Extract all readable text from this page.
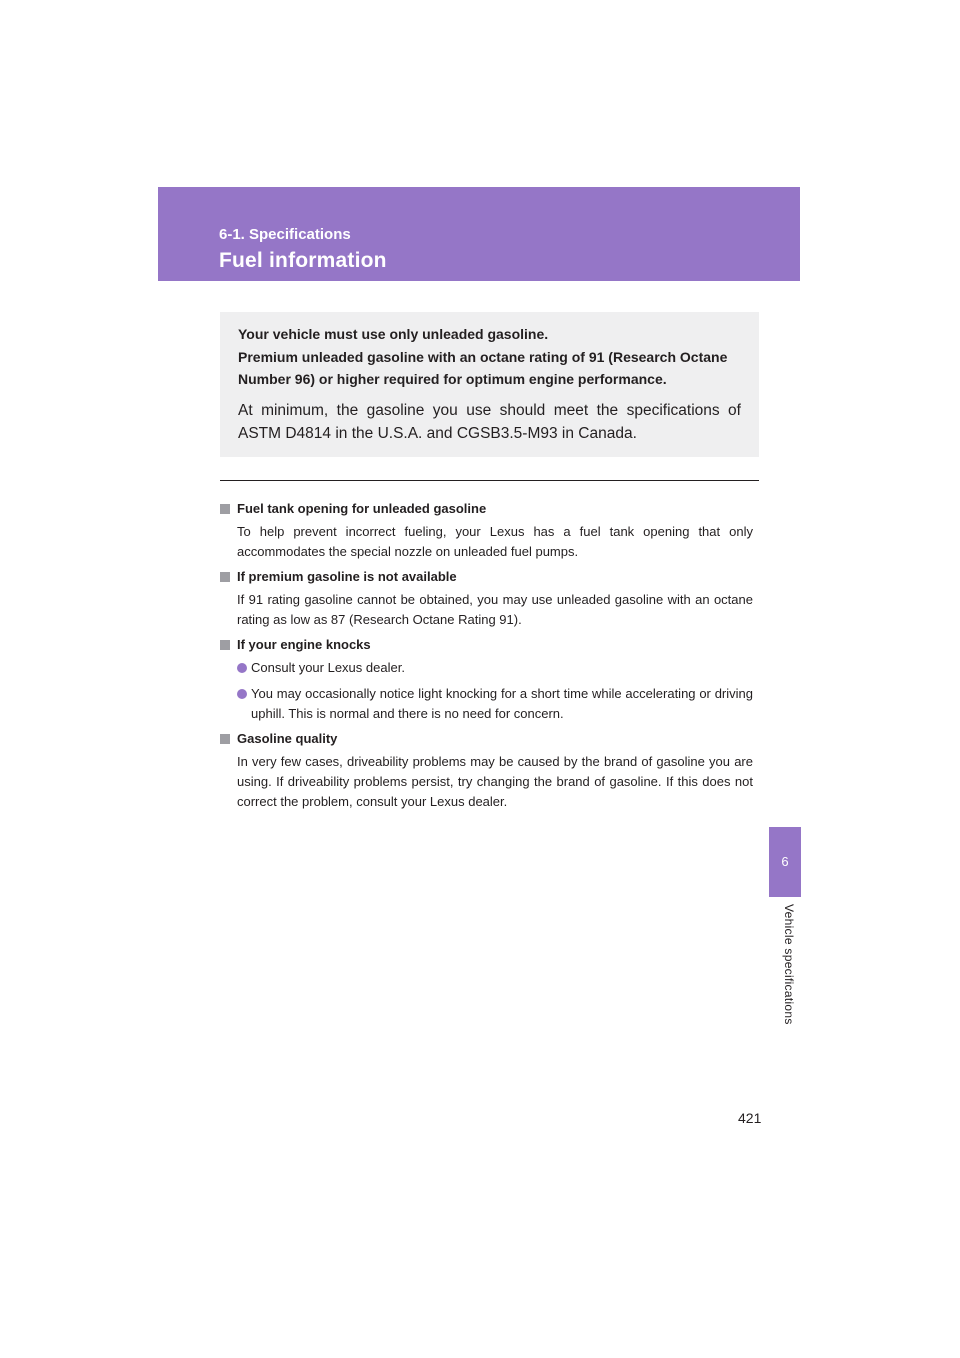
6-1. Specifications
Fuel information

Your vehicle must use only unleaded gasoline.

Premium unleaded gasoline with an octane rating of 91 (Research Octane Number 96) or higher required for optimum engine performance.

At minimum, the gasoline you use should meet the specifications of ASTM D4814 in the U.S.A. and CGSB3.5-M93 in Canada.

Fuel tank opening for unleaded gasoline

To help prevent incorrect fueling, your Lexus has a fuel tank opening that only accommodates the special nozzle on unleaded fuel pumps.

If premium gasoline is not available

If 91 rating gasoline cannot be obtained, you may use unleaded gasoline with an octane rating as low as 87 (Research Octane Rating 91).

If your engine knocks

Consult your Lexus dealer.
You may occasionally notice light knocking for a short time while accelerating or driving uphill. This is normal and there is no need for concern.

Gasoline quality

In very few cases, driveability problems may be caused by the brand of gasoline you are using. If driveability problems persist, try changing the brand of gasoline. If this does not correct the problem, consult your Lexus dealer.

6
Vehicle specifications
421
